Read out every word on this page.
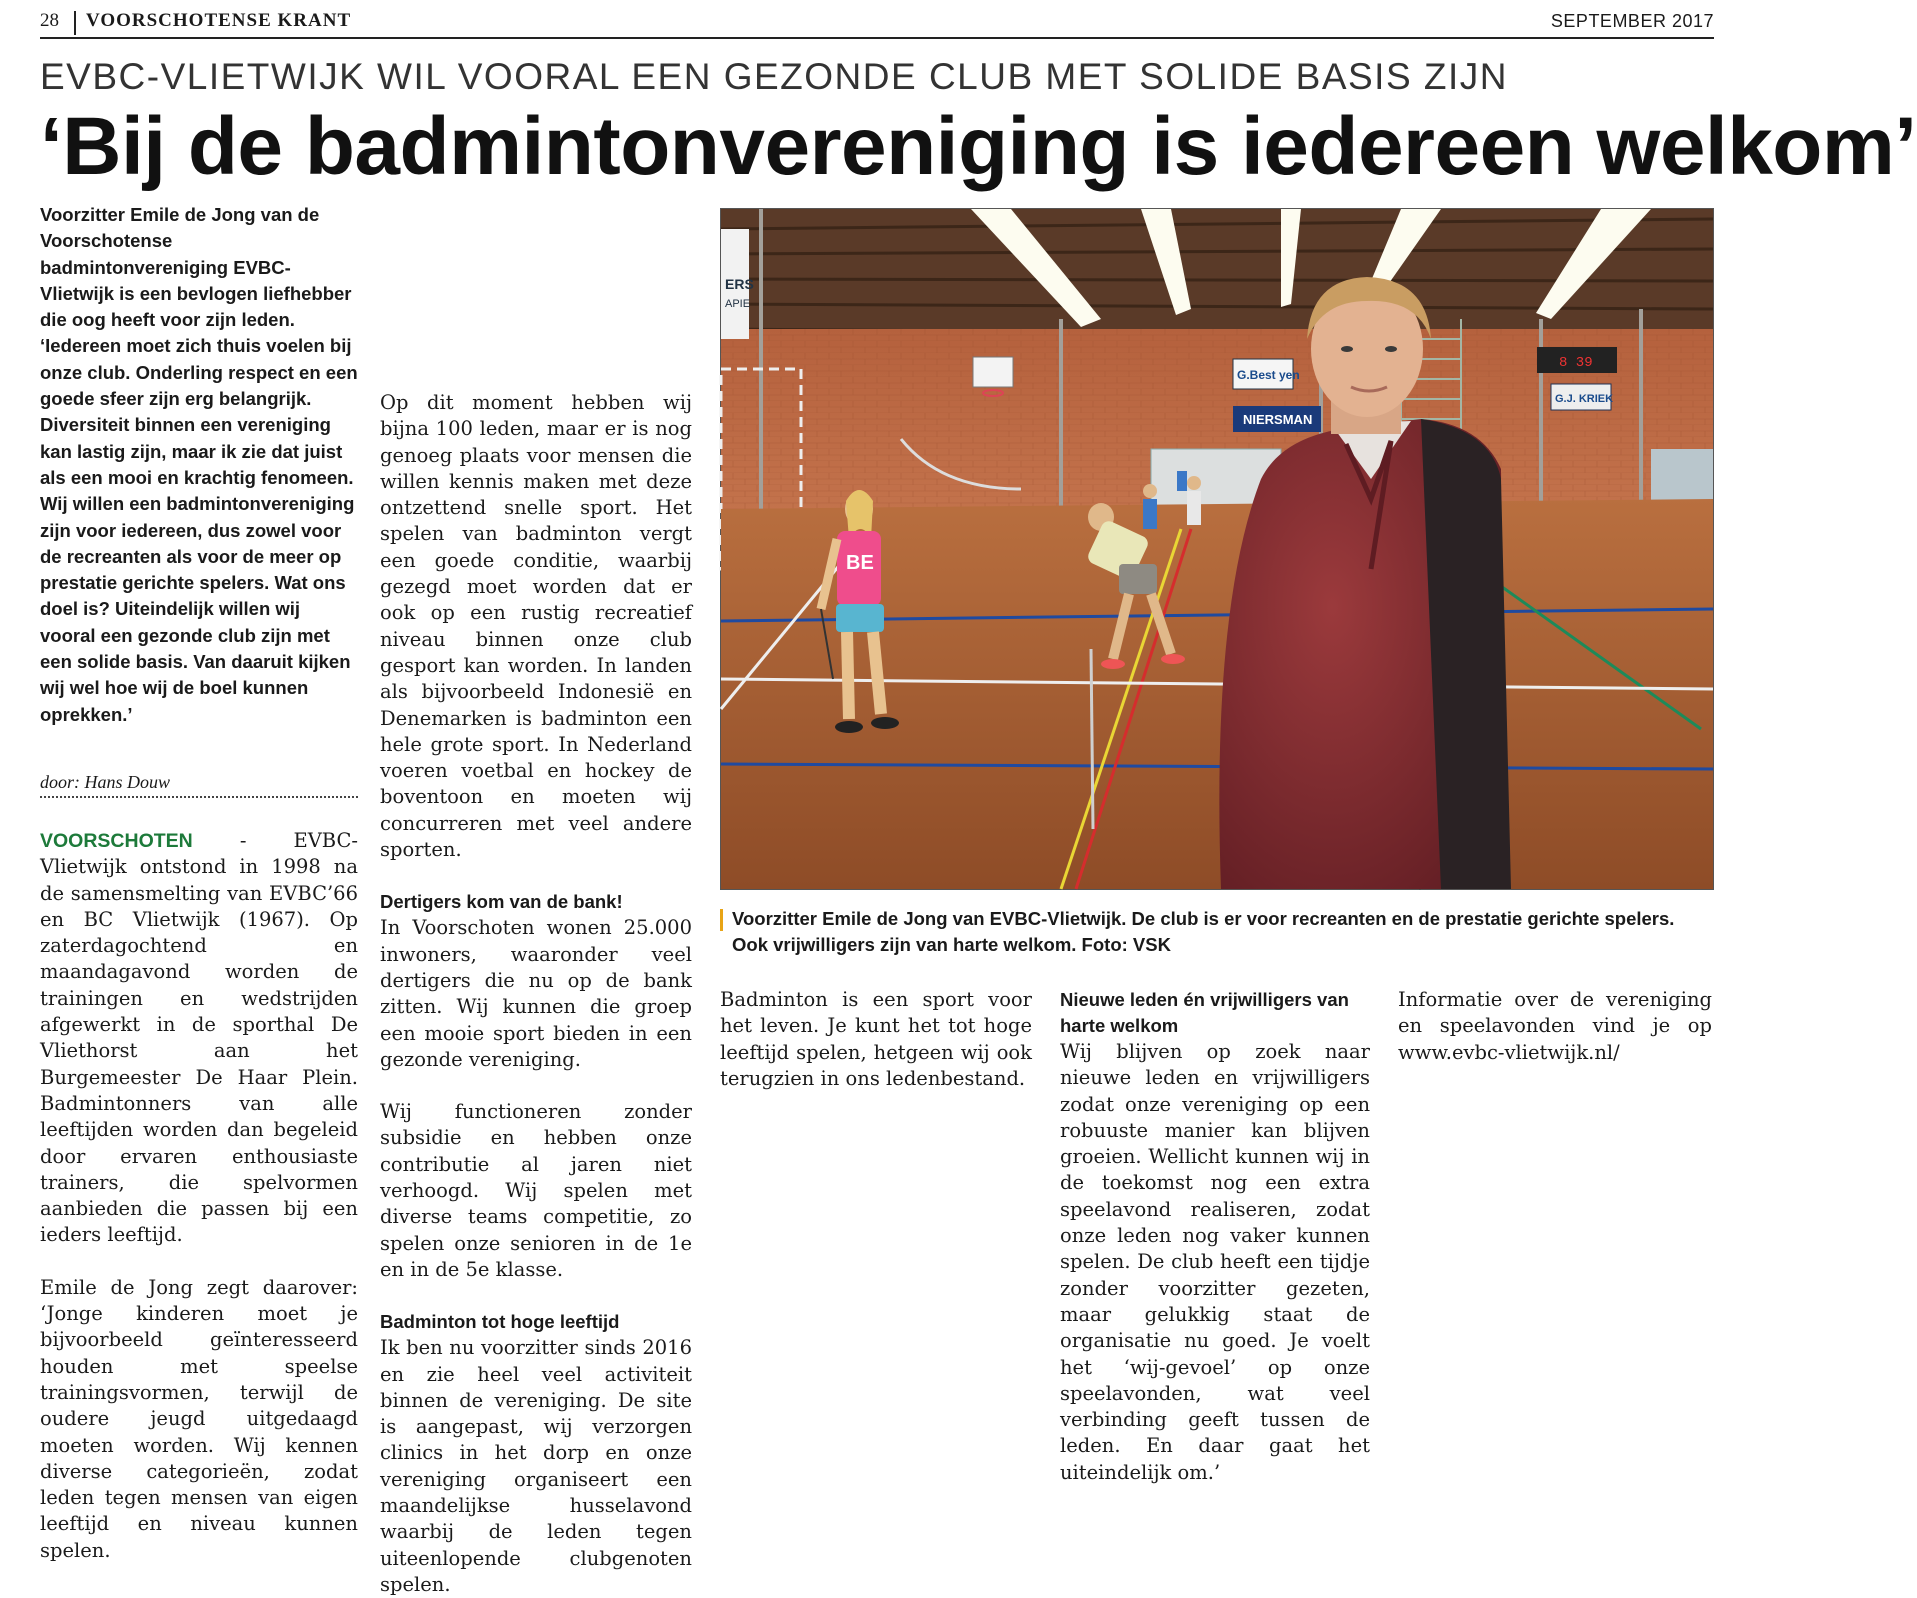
28 VOORSCHOTENSE KRANT	SEPTEMBER 2017
EVBC-VLIETWIJK WIL VOORAL EEN GEZONDE CLUB MET SOLIDE BASIS ZIJN
‘Bij de badmintonvereniging is iedereen welkom’
Voorzitter Emile de Jong van de Voorschotense badmintonvereniging EVBC-Vlietwijk is een bevlogen liefhebber die oog heeft voor zijn leden. ‘Iedereen moet zich thuis voelen bij onze club. Onderling respect en een goede sfeer zijn erg belangrijk. Diversiteit binnen een vereniging kan lastig zijn, maar ik zie dat juist als een mooi en krachtig fenomeen. Wij willen een badmintonvereniging zijn voor iedereen, dus zowel voor de recreanten als voor de meer op prestatie gerichte spelers. Wat ons doel is? Uiteindelijk willen wij vooral een gezonde club zijn met een solide basis. Van daaruit kijken wij wel hoe wij de boel kunnen oprekken.’
door: Hans Douw

VOORSCHOTEN - EVBC-Vlietwijk ontstond in 1998 na de samensmelting van EVBC’66 en BC Vlietwijk (1967). Op zaterdagochtend en maandagavond worden de trainingen en wedstrijden afgewerkt in de sporthal De Vliethorst aan het Burgemeester De Haar Plein. Badmintonners van alle leeftijden worden dan begeleid door ervaren enthousiaste trainers, die spelvormen aanbieden die passen bij een ieders leeftijd.

Emile de Jong zegt daarover: ‘Jonge kinderen moet je bijvoorbeeld geïnteresseerd houden met speelse trainingsvormen, terwijl de oudere jeugd uitgedaagd moeten worden. Wij kennen diverse categorieën, zodat leden tegen mensen van eigen leeftijd en niveau kunnen spelen.

ERS
APIE
G.Best yen
NIERSMAN
G.J. KRIEK
8 39
BE
Voorzitter Emile de Jong van EVBC-Vlietwijk. De club is er voor recreanten en de prestatie gerichte spelers. Ook vrijwilligers zijn van harte welkom. Foto: VSK

Op dit moment hebben wij bijna 100 leden, maar er is nog genoeg plaats voor mensen die willen kennis maken met deze ontzettend snelle sport. Het spelen van badminton vergt een goede conditie, waarbij gezegd moet worden dat er ook op een rustig recreatief niveau binnen onze club gesport kan worden. In landen als bijvoorbeeld Indonesië en Denemarken is badminton een hele grote sport. In Nederland voeren voetbal en hockey de boventoon en moeten wij concurreren met veel andere sporten.

Dertigers kom van de bank!

In Voorschoten wonen 25.000 inwoners, waaronder veel dertigers die nu op de bank zitten. Wij kunnen die groep een mooie sport bieden in een gezonde vereniging.

Wij functioneren zonder subsidie en hebben onze contributie al jaren niet verhoogd. Wij spelen met diverse teams competitie, zo spelen onze senioren in de 1e en in de 5e klasse.

Badminton tot hoge leeftijd

Ik ben nu voorzitter sinds 2016 en zie heel veel activiteit binnen de vereniging. De site is aangepast, wij verzorgen clinics in het dorp en onze vereniging organiseert een maandelijkse husselavond waarbij de leden tegen uiteenlopende clubgenoten spelen.

Badminton is een sport voor het leven. Je kunt het tot hoge leeftijd spelen, hetgeen wij ook terugzien in ons ledenbestand.

Nieuwe leden én vrijwilligers van harte welkom

Wij blijven op zoek naar nieuwe leden en vrijwilligers zodat onze vereniging op een robuuste manier kan blijven groeien. Wellicht kunnen wij in de toekomst nog een extra speelavond realiseren, zodat onze leden nog vaker kunnen spelen. De club heeft een tijdje zonder voorzitter gezeten, maar gelukkig staat de organisatie nu goed. Je voelt het ‘wij-gevoel’ op onze speelavonden, wat veel verbinding geeft tussen de leden. En daar gaat het uiteindelijk om.’

Informatie over de vereniging en speelavonden vind je op www.evbc-vlietwijk.nl/
